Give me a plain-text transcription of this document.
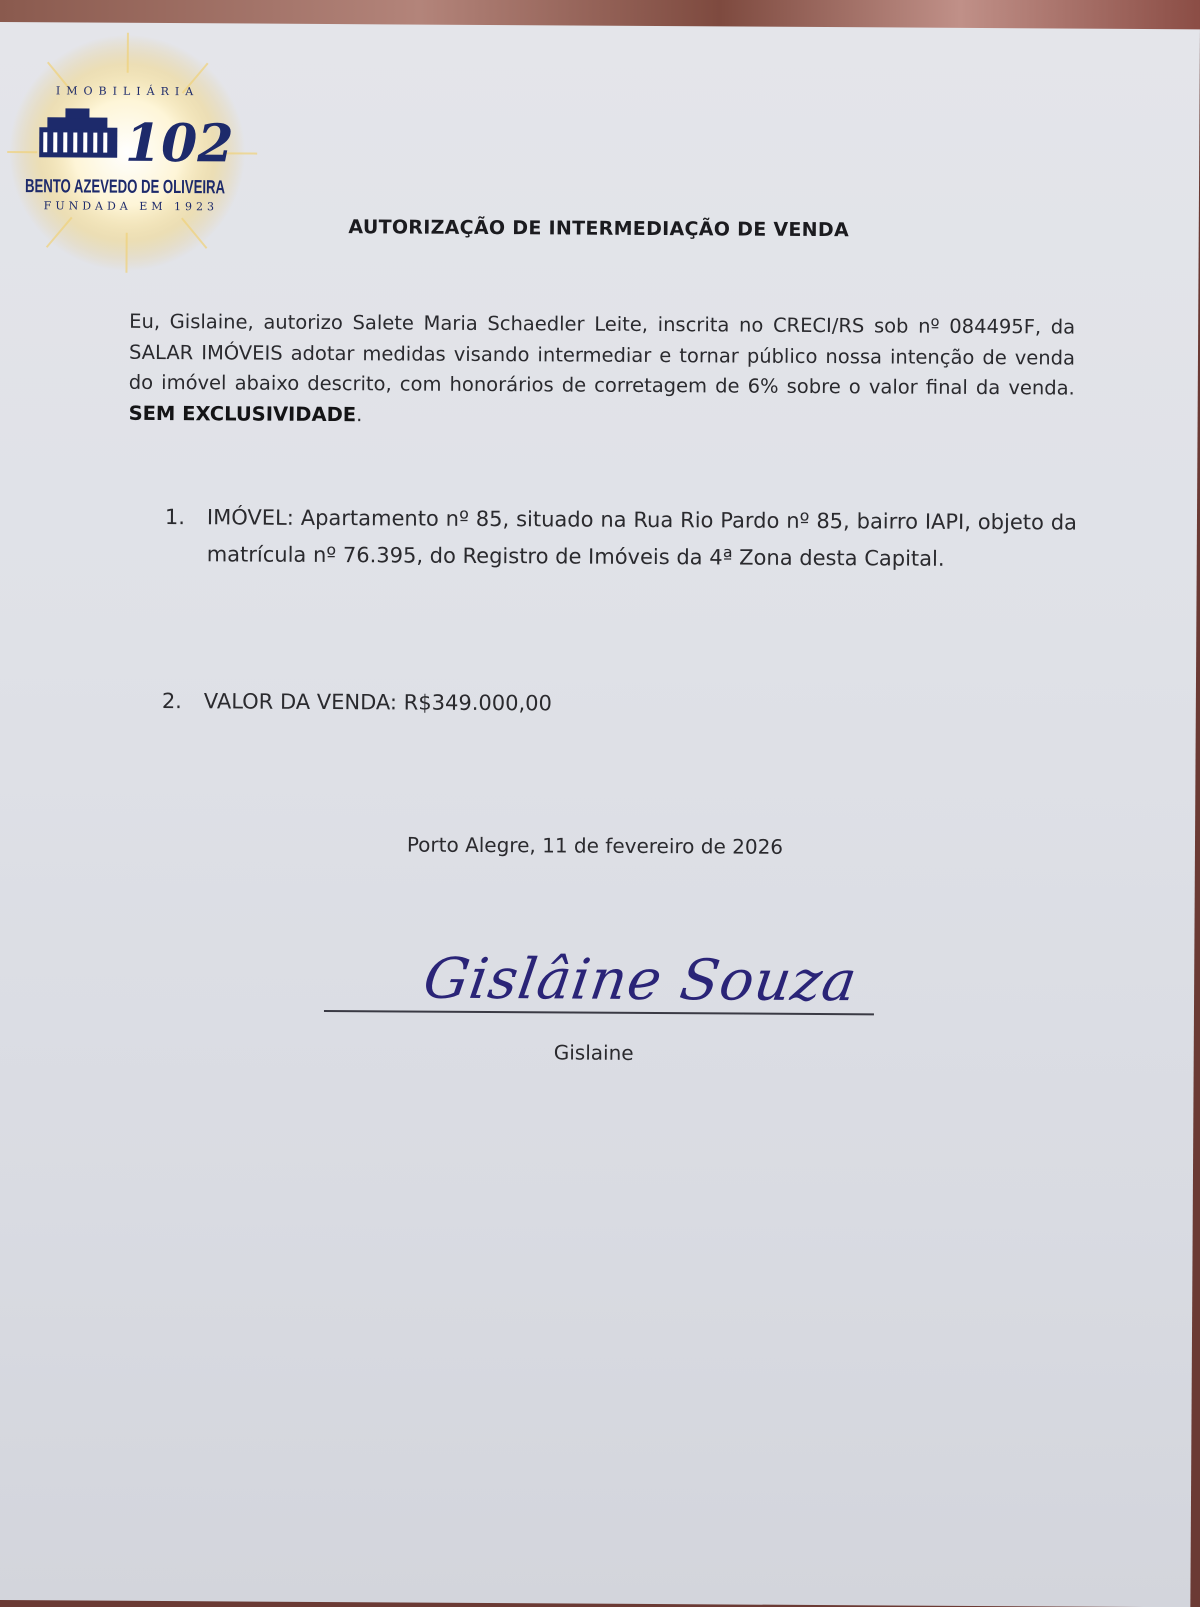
IMOBILIÁRIA
102
BENTO AZEVEDO DE OLIVEIRA
FUNDADA EM 1923
AUTORIZAÇÃO DE INTERMEDIAÇÃO DE VENDA
Eu, Gislaine, autorizo Salete Maria Schaedler Leite, inscrita no CRECI/RS sob nº 084495F, da SALAR IMÓVEIS adotar medidas visando intermediar e tornar público nossa intenção de venda do imóvel abaixo descrito, com honorários de corretagem de 6% sobre o valor final da venda. SEM EXCLUSIVIDADE.
1. IMÓVEL: Apartamento nº 85, situado na Rua Rio Pardo nº 85, bairro IAPI, objeto da matrícula nº 76.395, do Registro de Imóveis da 4ª Zona desta Capital.
2. VALOR DA VENDA: R$349.000,00
Porto Alegre, 11 de fevereiro de 2026
Gislâine Souza
Gislaine
